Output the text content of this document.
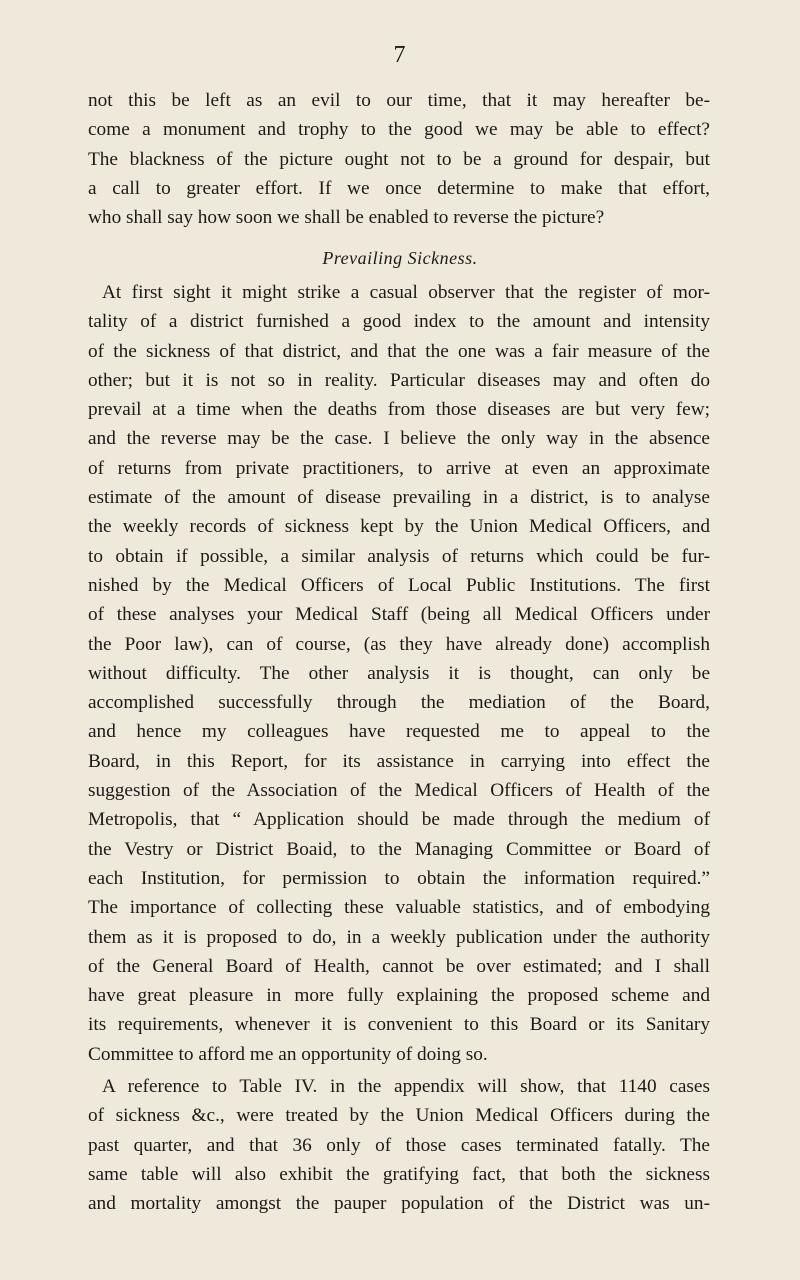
7
not this be left as an evil to our time, that it may hereafter be-
come a monument and trophy to the good we may be able to effect?
The blackness of the picture ought not to be a ground for despair, but
a call to greater effort. If we once determine to make that effort,
who shall say how soon we shall be enabled to reverse the picture?
Prevailing Sickness.
At first sight it might strike a casual observer that the register of mor-
tality of a district furnished a good index to the amount and intensity
of the sickness of that district, and that the one was a fair measure of the
other; but it is not so in reality. Particular diseases may and often do
prevail at a time when the deaths from those diseases are but very few;
and the reverse may be the case. I believe the only way in the absence
of returns from private practitioners, to arrive at even an approximate
estimate of the amount of disease prevailing in a district, is to analyse
the weekly records of sickness kept by the Union Medical Officers, and
to obtain if possible, a similar analysis of returns which could be fur-
nished by the Medical Officers of Local Public Institutions. The first
of these analyses your Medical Staff (being all Medical Officers under
the Poor law), can of course, (as they have already done) accomplish
without difficulty. The other analysis it is thought, can only be
accomplished successfully through the mediation of the Board,
and hence my colleagues have requested me to appeal to the
Board, in this Report, for its assistance in carrying into effect the
suggestion of the Association of the Medical Officers of Health of the
Metropolis, that “ Application should be made through the medium of
the Vestry or District Boaid, to the Managing Committee or Board of
each Institution, for permission to obtain the information required.”
The importance of collecting these valuable statistics, and of embodying
them as it is proposed to do, in a weekly publication under the authority
of the General Board of Health, cannot be over estimated; and I shall
have great pleasure in more fully explaining the proposed scheme and
its requirements, whenever it is convenient to this Board or its Sanitary
Committee to afford me an opportunity of doing so.
A reference to Table IV. in the appendix will show, that 1140 cases
of sickness &c., were treated by the Union Medical Officers during the
past quarter, and that 36 only of those cases terminated fatally. The
same table will also exhibit the gratifying fact, that both the sickness
and mortality amongst the pauper population of the District was un-
